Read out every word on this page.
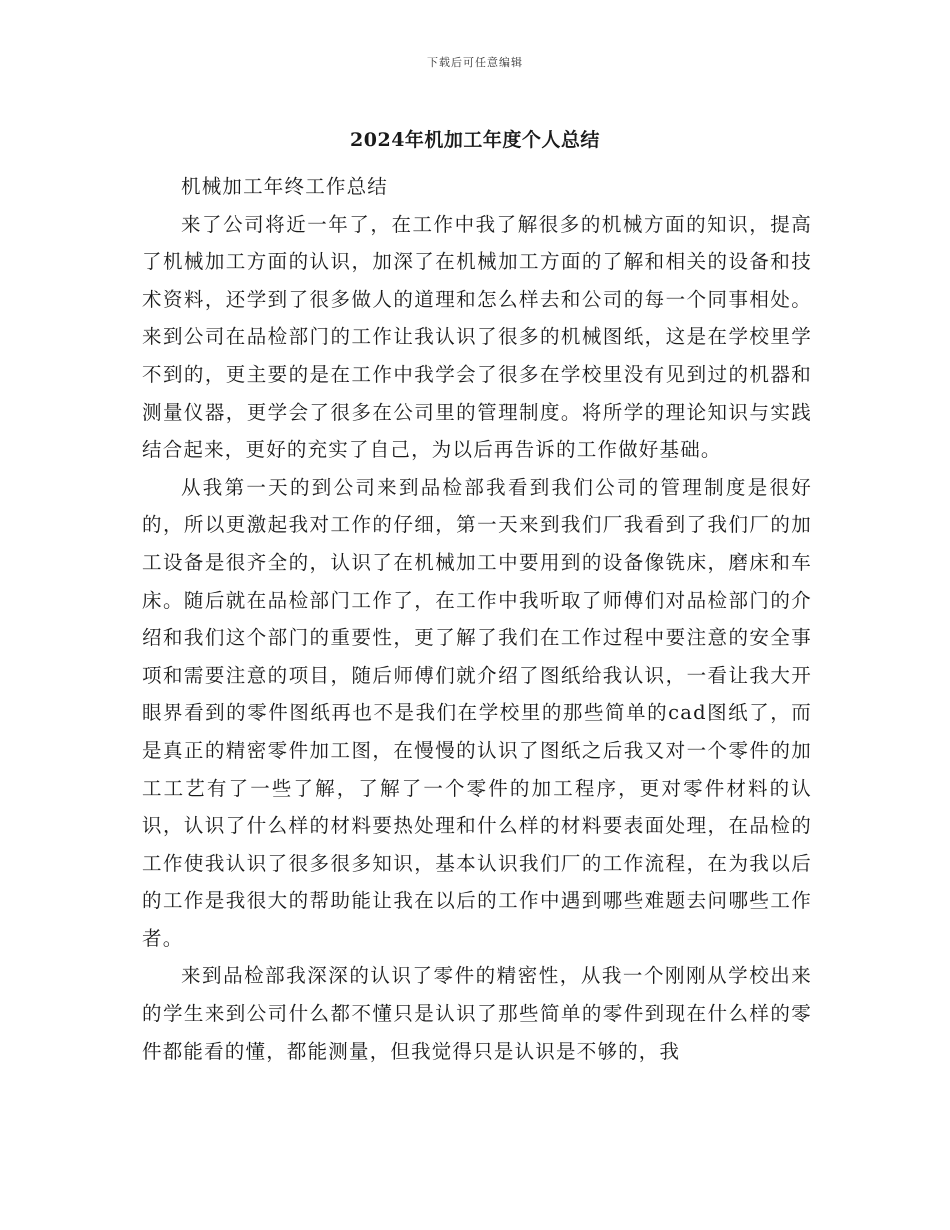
下载后可任意编辑
2024年机加工年度个人总结

机械加工年终工作总结

来了公司将近一年了，在工作中我了解很多的机械方面的知识，提高了机械加工方面的认识，加深了在机械加工方面的了解和相关的设备和技术资料，还学到了很多做人的道理和怎么样去和公司的每一个同事相处。来到公司在品检部门的工作让我认识了很多的机械图纸，这是在学校里学不到的，更主要的是在工作中我学会了很多在学校里没有见到过的机器和测量仪器，更学会了很多在公司里的管理制度。将所学的理论知识与实践结合起来，更好的充实了自己，为以后再告诉的工作做好基础。

从我第一天的到公司来到品检部我看到我们公司的管理制度是很好的，所以更激起我对工作的仔细，第一天来到我们厂我看到了我们厂的加工设备是很齐全的，认识了在机械加工中要用到的设备像铣床，磨床和车床。随后就在品检部门工作了，在工作中我听取了师傅们对品检部门的介绍和我们这个部门的重要性，更了解了我们在工作过程中要注意的安全事项和需要注意的项目，随后师傅们就介绍了图纸给我认识，一看让我大开眼界看到的零件图纸再也不是我们在学校里的那些简单的cad图纸了，而是真正的精密零件加工图，在慢慢的认识了图纸之后我又对一个零件的加工工艺有了一些了解，了解了一个零件的加工程序，更对零件材料的认识，认识了什么样的材料要热处理和什么样的材料要表面处理，在品检的工作使我认识了很多很多知识，基本认识我们厂的工作流程，在为我以后的工作是我很大的帮助能让我在以后的工作中遇到哪些难题去问哪些工作者。

来到品检部我深深的认识了零件的精密性，从我一个刚刚从学校出来的学生来到公司什么都不懂只是认识了那些简单的零件到现在什么样的零件都能看的懂，都能测量，但我觉得只是认识是不够的，我
